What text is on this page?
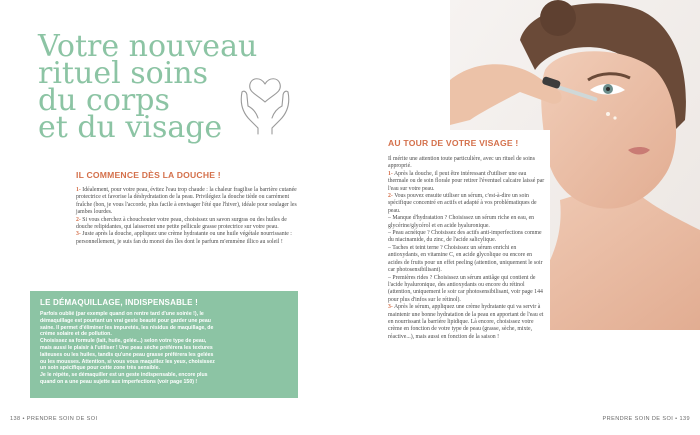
Votre nouveau
rituel soins
du corps
et du visage
IL COMMENCE DÈS LA DOUCHE !

1- Idéalement, pour votre peau, évitez l'eau trop chaude : la chaleur fragilise la barrière cutanée protectrice et favorise la déshydratation de la peau. Privilégiez la douche tiède ou carrément fraîche (bon, je vous l'accorde, plus facile à envisager l'été que l'hiver), idéale pour soulager les jambes lourdes.

2- Si vous cherchez à chouchouter votre peau, choisissez un savon surgras ou des huiles de douche relipidantes, qui laisseront une petite pellicule grasse protectrice sur votre peau.

3- Juste après la douche, appliquez une crème hydratante ou une huile végétale nourrissante : personnellement, je suis fan du monoï des îles dont le parfum m'emmène illico au soleil !

LE DÉMAQUILLAGE, INDISPENSABLE !
Parfois oublié (par exemple quand on rentre tard d'une soirée !), le
démaquillage est pourtant un vrai geste beauté pour garder une peau
saine. Il permet d'éliminer les impuretés, les résidus de maquillage, de
crème solaire et de pollution.
Choisissez sa formule (lait, huile, gelée...) selon votre type de peau,
mais aussi le plaisir à l'utiliser ! Une peau sèche préférera les textures
laiteuses ou les huiles, tandis qu'une peau grasse préférera les gelées
ou les mousses. Attention, si vous vous maquillez les yeux, choisissez
un soin spécifique pour cette zone très sensible.
Je le répète, se démaquiller est un geste indispensable, encore plus
quand on a une peau sujette aux imperfections (voir page 150) !
138 • PRENDRE SOIN DE SOI
AU TOUR DE VOTRE VISAGE !

Il mérite une attention toute particulière, avec un rituel de soins approprié.

1- Après la douche, il peut être intéressant d'utiliser une eau thermale ou de soin florale pour retirer l'éventuel calcaire laissé par l'eau sur votre peau.

2- Vous pouvez ensuite utiliser un sérum, c'est-à-dire un soin spécifique concentré en actifs et adapté à vos problématiques de peau.

– Manque d'hydratation ? Choisissez un sérum riche en eau, en glycérine/glycérol et en acide hyaluronique.

– Peau acnéique ? Choisissez des actifs anti-imperfections comme du niacinamide, du zinc, de l'acide salicylique.

– Taches et teint terne ? Choisissez un sérum enrichi en antioxydants, en vitamine C, en acide glycolique ou encore en acides de fruits pour un effet peeling (attention, uniquement le soir car photosensibilisant).

– Premières rides ? Choisissez un sérum antiâge qui contient de l'acide hyaluronique, des antioxydants ou encore du rétinol (attention, uniquement le soir car photosensibilisant, voir page 144 pour plus d'infos sur le rétinol).

3- Après le sérum, appliquez une crème hydratante qui va servir à maintenir une bonne hydratation de la peau en apportant de l'eau et en nourrissant la barrière lipidique. Là encore, choisissez votre crème en fonction de votre type de peau (grasse, sèche, mixte, réactive...), mais aussi en fonction de la saison !

PRENDRE SOIN DE SOI • 139
